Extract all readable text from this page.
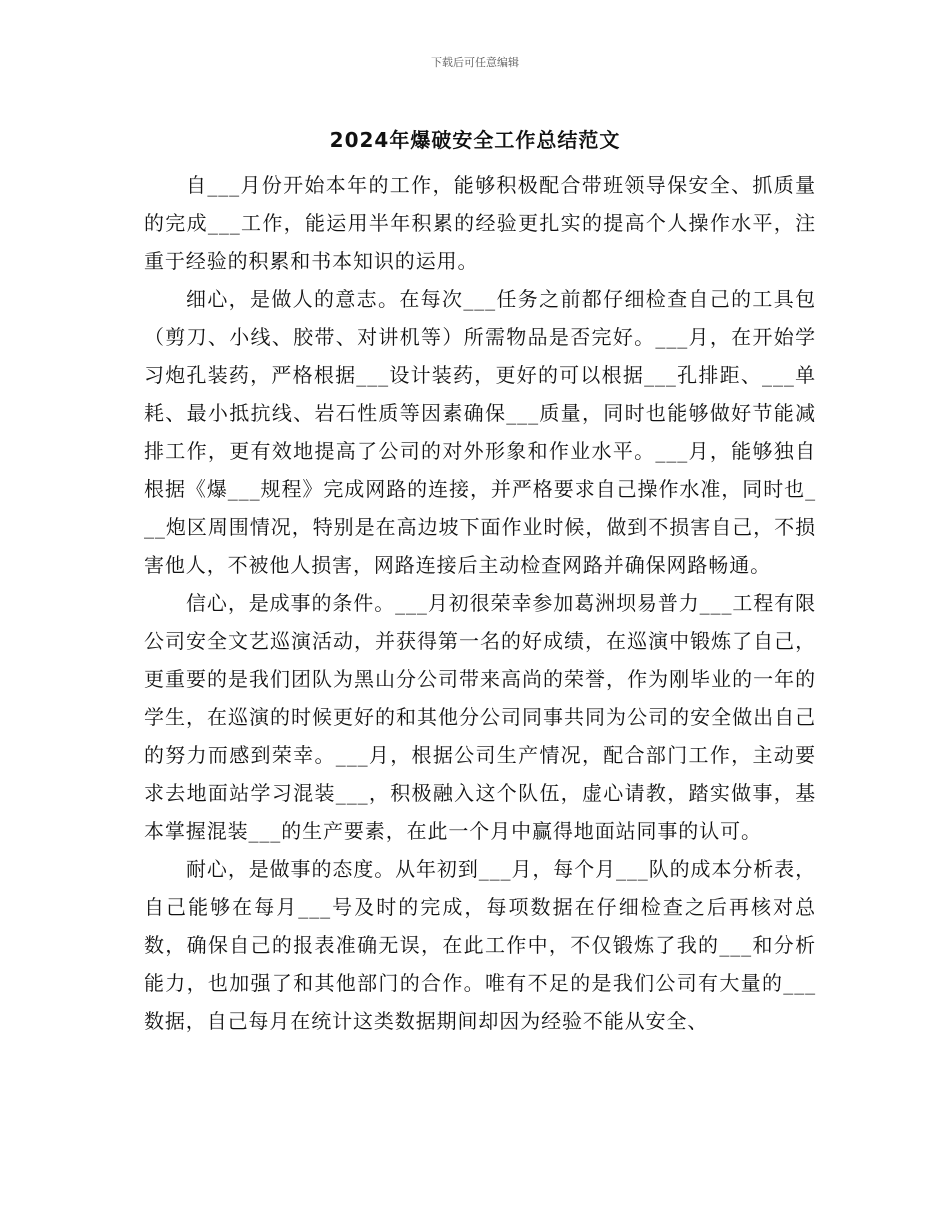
下载后可任意编辑
2024年爆破安全工作总结范文

自___月份开始本年的工作，能够积极配合带班领导保安全、抓质量的完成___工作，能运用半年积累的经验更扎实的提高个人操作水平，注重于经验的积累和书本知识的运用。

细心，是做人的意志。在每次___任务之前都仔细检查自己的工具包（剪刀、小线、胶带、对讲机等）所需物品是否完好。___月，在开始学习炮孔装药，严格根据___设计装药，更好的可以根据___孔排距、___单耗、最小抵抗线、岩石性质等因素确保___质量，同时也能够做好节能减排工作，更有效地提高了公司的对外形象和作业水平。___月，能够独自根据《爆___规程》完成网路的连接，并严格要求自己操作水准，同时也___炮区周围情况，特别是在高边坡下面作业时候，做到不损害自己，不损害他人，不被他人损害，网路连接后主动检查网路并确保网路畅通。

信心，是成事的条件。___月初很荣幸参加葛洲坝易普力___工程有限公司安全文艺巡演活动，并获得第一名的好成绩，在巡演中锻炼了自己，更重要的是我们团队为黑山分公司带来高尚的荣誉，作为刚毕业的一年的学生，在巡演的时候更好的和其他分公司同事共同为公司的安全做出自己的努力而感到荣幸。___月，根据公司生产情况，配合部门工作，主动要求去地面站学习混装___，积极融入这个队伍，虚心请教，踏实做事，基本掌握混装___的生产要素，在此一个月中赢得地面站同事的认可。

耐心，是做事的态度。从年初到___月，每个月___队的成本分析表，自己能够在每月___号及时的完成，每项数据在仔细检查之后再核对总数，确保自己的报表准确无误，在此工作中，不仅锻炼了我的___和分析能力，也加强了和其他部门的合作。唯有不足的是我们公司有大量的___数据，自己每月在统计这类数据期间却因为经验不能从安全、
